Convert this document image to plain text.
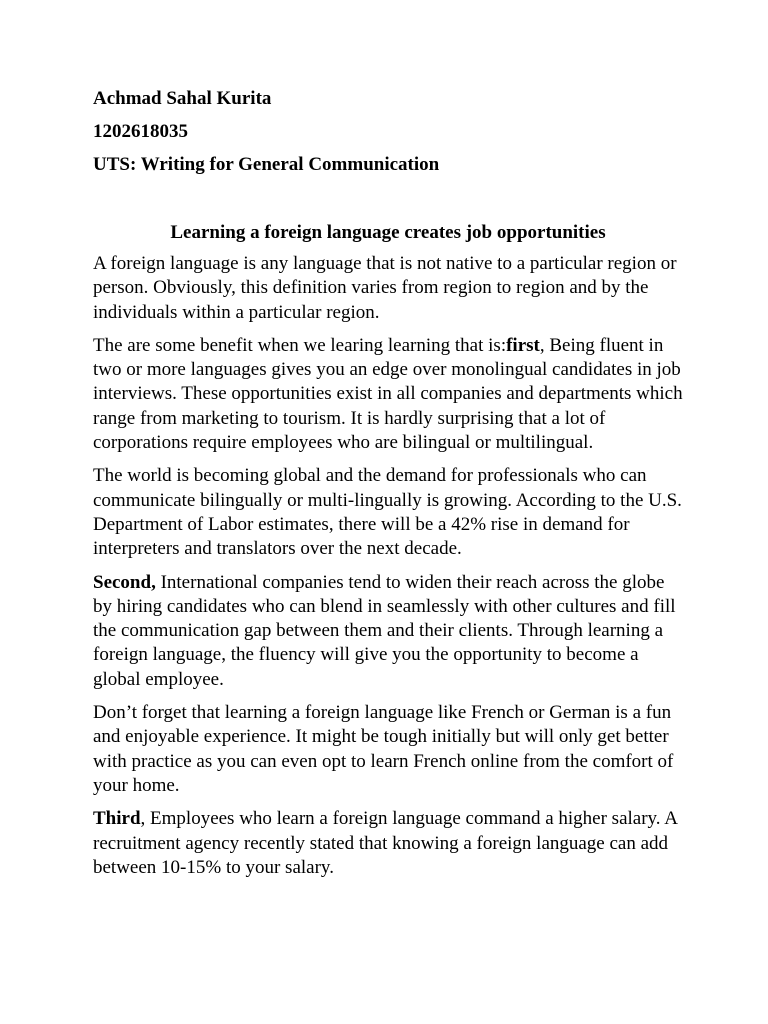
Achmad Sahal Kurita
1202618035
UTS: Writing for General Communication
Learning a foreign language creates job opportunities

A foreign language is any language that is not native to a particular region or person. Obviously, this definition varies from region to region and by the individuals within a particular region.

The are some benefit when we learing learning that is:first, Being fluent in two or more languages gives you an edge over monolingual candidates in job interviews. These opportunities exist in all companies and departments which range from marketing to tourism. It is hardly surprising that a lot of corporations require employees who are bilingual or multilingual.

The world is becoming global and the demand for professionals who can communicate bilingually or multi-lingually is growing. According to the U.S. Department of Labor estimates, there will be a 42% rise in demand for interpreters and translators over the next decade.

Second, International companies tend to widen their reach across the globe by hiring candidates who can blend in seamlessly with other cultures and fill the communication gap between them and their clients. Through learning a foreign language, the fluency will give you the opportunity to become a global employee.

Don’t forget that learning a foreign language like French or German is a fun and enjoyable experience. It might be tough initially but will only get better with practice as you can even opt to learn French online from the comfort of your home.

Third, Employees who learn a foreign language command a higher salary. A recruitment agency recently stated that knowing a foreign language can add between 10-15% to your salary.
